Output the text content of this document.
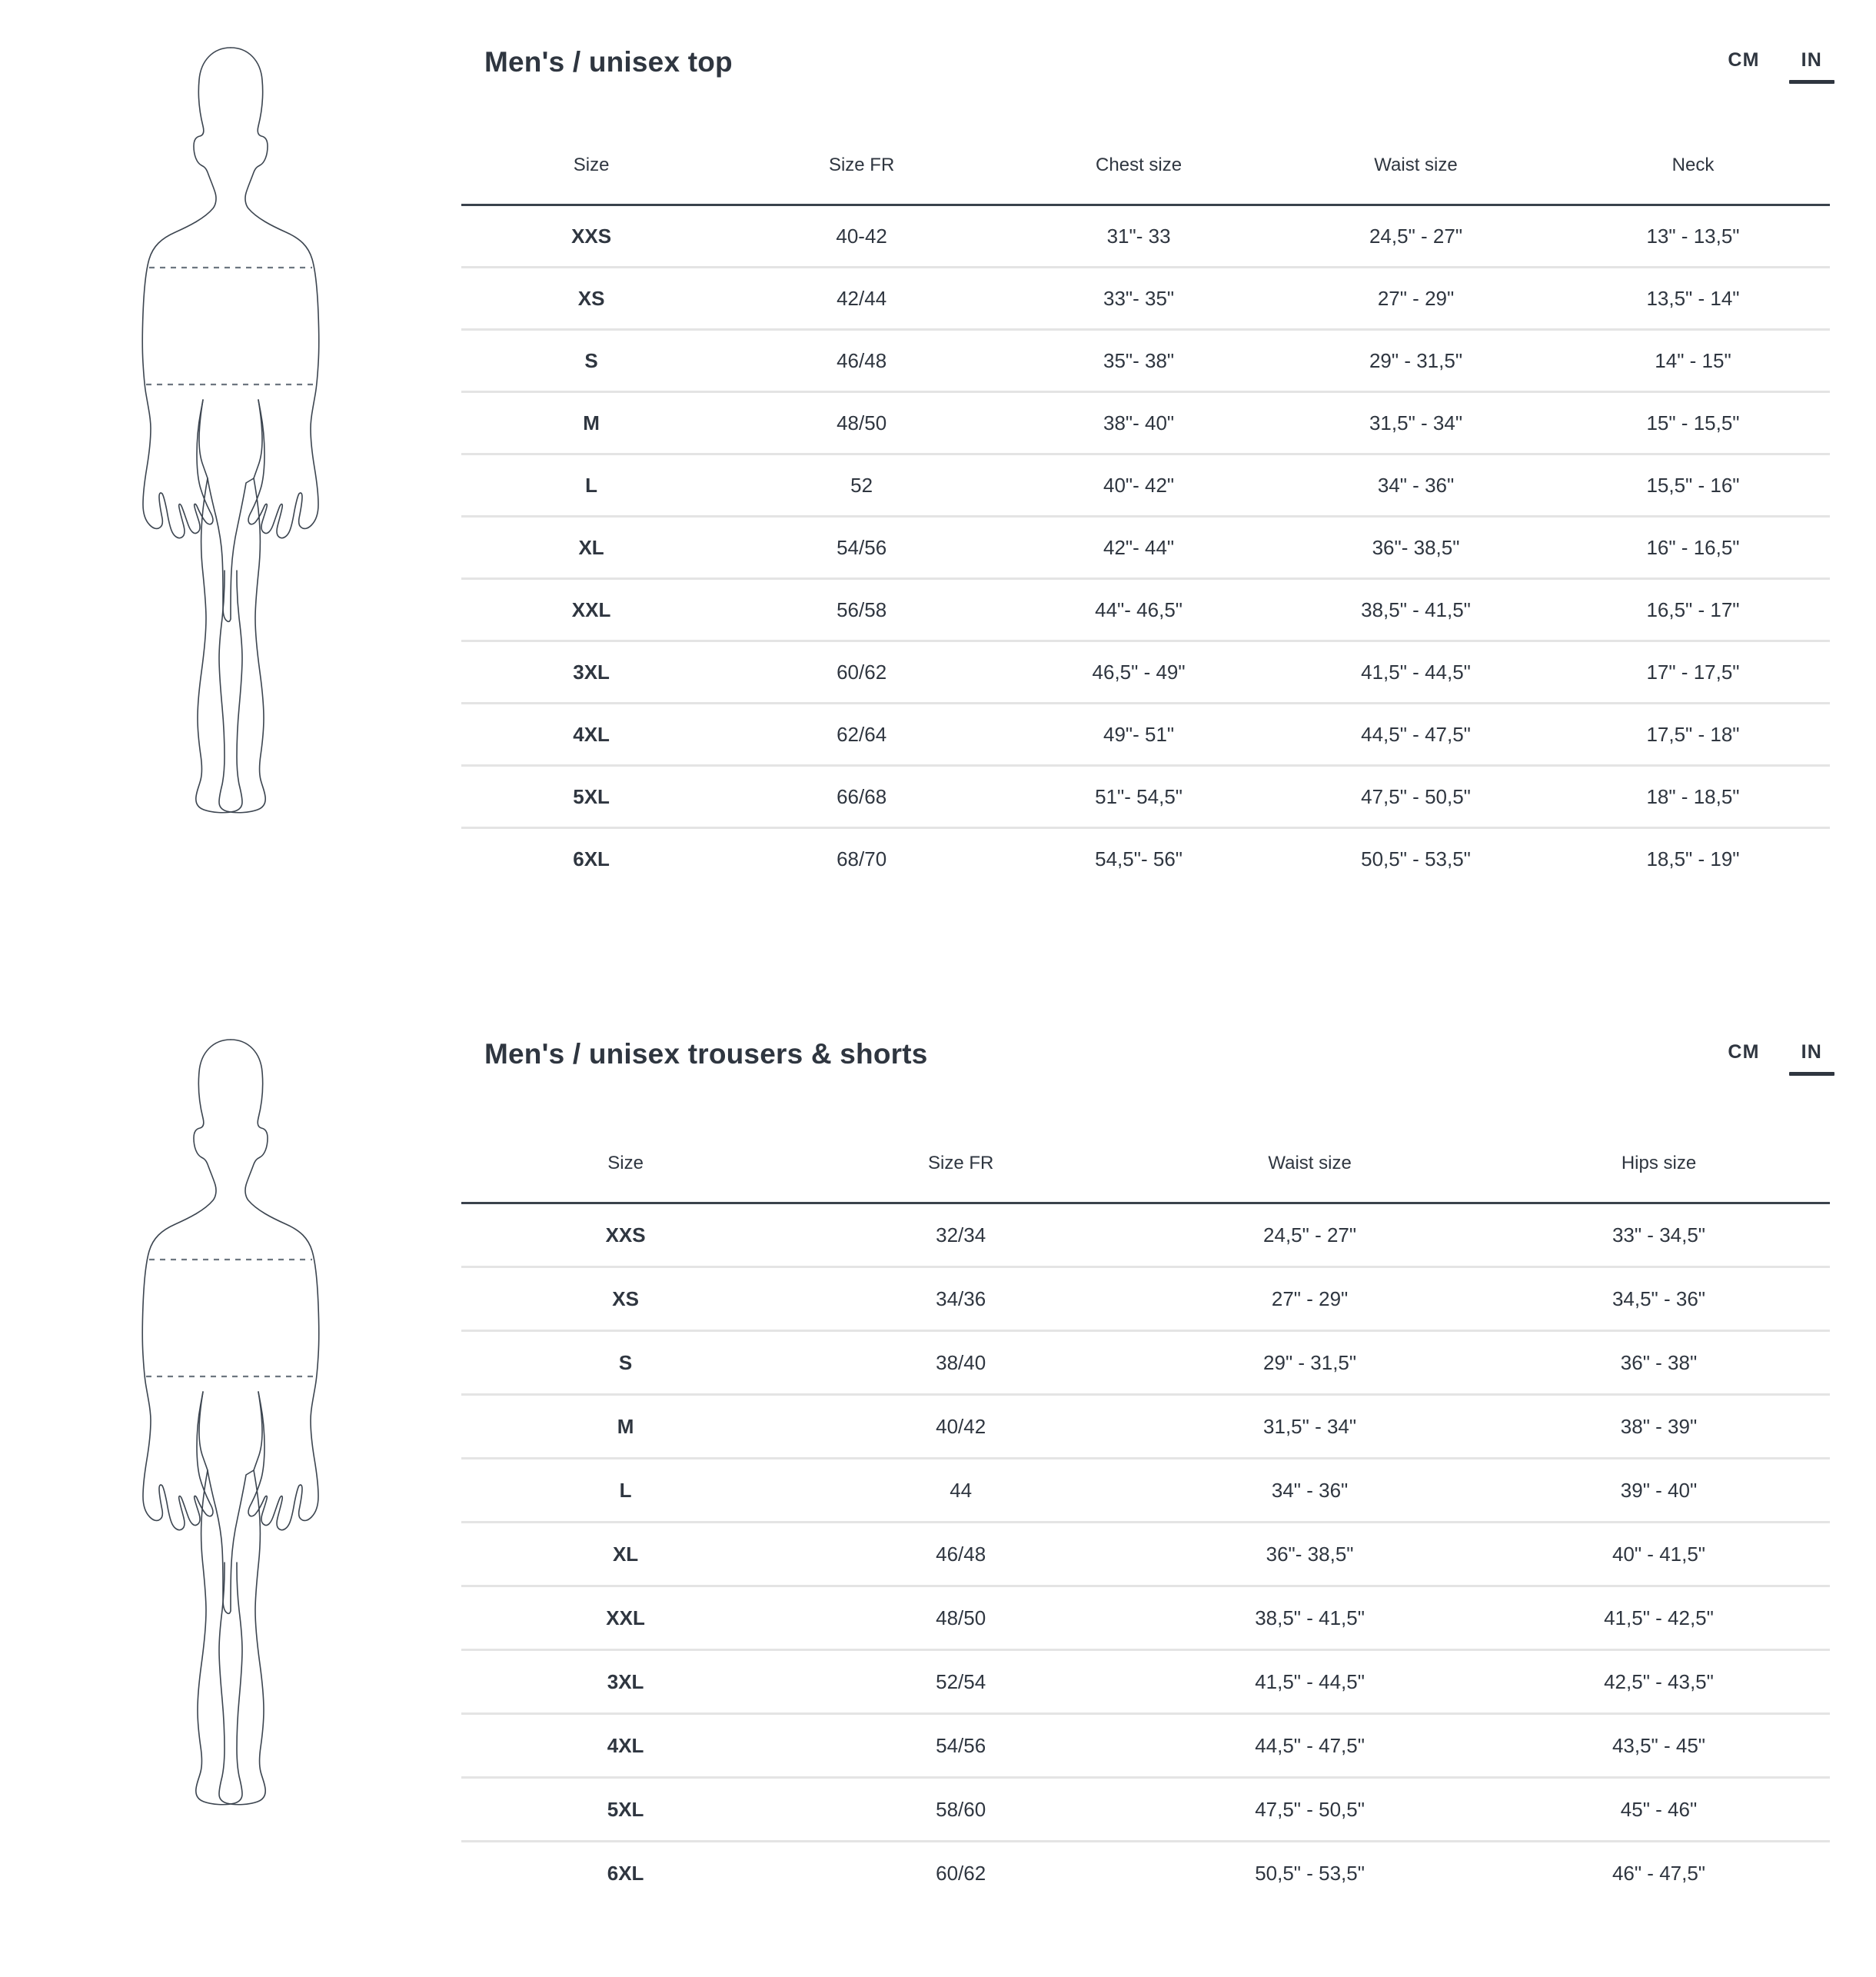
Men's / unisex top	CM IN
Size	Size FR	Chest size	Waist size	Neck
XXS	40-42	31"- 33	24,5" - 27"	13" - 13,5"
XS	42/44	33"- 35"	27" - 29"	13,5" - 14"
S	46/48	35"- 38"	29" - 31,5"	14" - 15"
M	48/50	38"- 40"	31,5" - 34"	15" - 15,5"
L	52	40"- 42"	34" - 36"	15,5" - 16"
XL	54/56	42"- 44"	36"- 38,5"	16" - 16,5"
XXL	56/58	44"- 46,5"	38,5" - 41,5"	16,5" - 17"
3XL	60/62	46,5" - 49"	41,5" - 44,5"	17" - 17,5"
4XL	62/64	49"- 51"	44,5" - 47,5"	17,5" - 18"
5XL	66/68	51"- 54,5"	47,5" - 50,5"	18" - 18,5"
6XL	68/70	54,5"- 56"	50,5" - 53,5"	18,5" - 19"
Men's / unisex trousers & shorts	CM IN
Size	Size FR	Waist size	Hips size
XXS	32/34	24,5" - 27"	33" - 34,5"
XS	34/36	27" - 29"	34,5" - 36"
S	38/40	29" - 31,5"	36" - 38"
M	40/42	31,5" - 34"	38" - 39"
L	44	34" - 36"	39" - 40"
XL	46/48	36"- 38,5"	40" - 41,5"
XXL	48/50	38,5" - 41,5"	41,5" - 42,5"
3XL	52/54	41,5" - 44,5"	42,5" - 43,5"
4XL	54/56	44,5" - 47,5"	43,5" - 45"
5XL	58/60	47,5" - 50,5"	45" - 46"
6XL	60/62	50,5" - 53,5"	46" - 47,5"
